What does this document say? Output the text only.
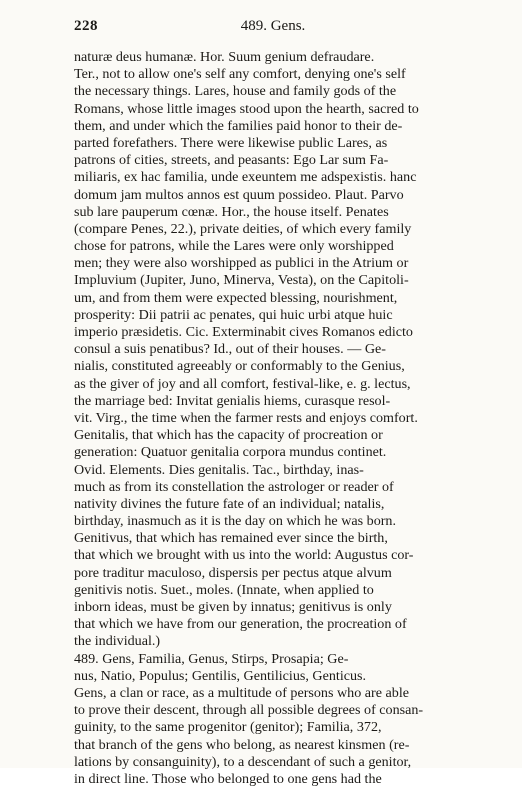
228	489. Gens.
naturæ deus humanæ. Hor. Suum genium defraudare.
Ter., not to allow one's self any comfort, denying one's self
the necessary things. Lares, house and family gods of the
Romans, whose little images stood upon the hearth, sacred to
them, and under which the families paid honor to their de-
parted forefathers. There were likewise public Lares, as
patrons of cities, streets, and peasants: Ego Lar sum Fa-
miliaris, ex hac familia, unde exeuntem me adspexistis. hanc
domum jam multos annos est quum possideo. Plaut. Parvo
sub lare pauperum cœnæ. Hor., the house itself. Penates
(compare Penes, 22.), private deities, of which every family
chose for patrons, while the Lares were only worshipped
men; they were also worshipped as publici in the Atrium or
Impluvium (Jupiter, Juno, Minerva, Vesta), on the Capitoli-
um, and from them were expected blessing, nourishment,
prosperity: Dii patrii ac penates, qui huic urbi atque huic
imperio præsidetis. Cic. Exterminabit cives Romanos edicto
consul a suis penatibus? Id., out of their houses. — Ge-
nialis, constituted agreeably or conformably to the Genius,
as the giver of joy and all comfort, festival-like, e. g. lectus,
the marriage bed: Invitat genialis hiems, curasque resol-
vit. Virg., the time when the farmer rests and enjoys comfort.
Genitalis, that which has the capacity of procreation or
generation: Quatuor genitalia corpora mundus continet.
Ovid. Elements. Dies genitalis. Tac., birthday, inas-
much as from its constellation the astrologer or reader of
nativity divines the future fate of an individual; natalis,
birthday, inasmuch as it is the day on which he was born.
Genitivus, that which has remained ever since the birth,
that which we brought with us into the world: Augustus cor-
pore traditur maculoso, dispersis per pectus atque alvum
genitivis notis. Suet., moles. (Innate, when applied to
inborn ideas, must be given by innatus; genitivus is only
that which we have from our generation, the procreation of
the individual.)
489. Gens, Familia, Genus, Stirps, Prosapia; Ge-
nus, Natio, Populus; Gentilis, Gentilicius, Genticus.
Gens, a clan or race, as a multitude of persons who are able
to prove their descent, through all possible degrees of consan-
guinity, to the same progenitor (genitor); Familia, 372,
that branch of the gens who belong, as nearest kinsmen (re-
lations by consanguinity), to a descendant of such a genitor,
in direct line. Those who belonged to one gens had the
